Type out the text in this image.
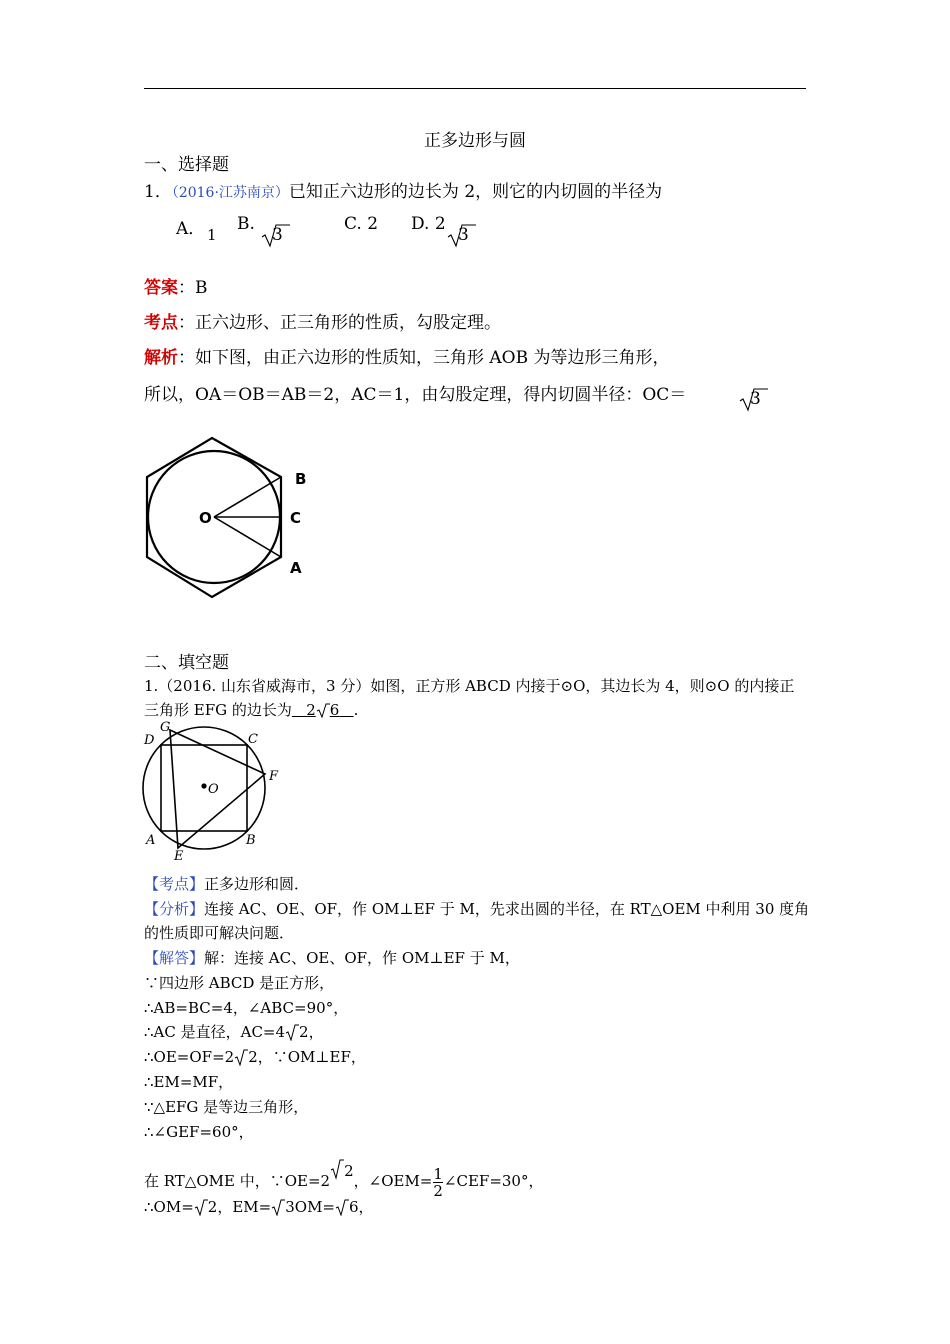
正多边形与圆
一、选择题
1．（2016·江苏南京）已知正六边形的边长为 2，则它的内切圆的半径为
A． 1
B.
3
C. 2 D. 2
3
答案：B
考点：正六边形、正三角形的性质，勾股定理。
解析：如下图，由正六边形的性质知，三角形 AOB 为等边形三角形，
所以，OA＝OB＝AB＝2，AC＝1，由勾股定理，得内切圆半径：OC＝	3
O
B
C
A
二、填空题
1.（2016. 山东省威海市，3 分）如图，正方形 ABCD 内接于⊙O，其边长为 4，则⊙O 的内接正
三角形 EFG 的边长为 2 6 .
O
D
G
C
F
A	B
E
【考点】正多边形和圆．
【分析】连接 AC、OE、OF，作 OM⊥EF 于 M，先求出圆的半径，在 RT△OEM 中利用 30 度角
的性质即可解决问题．
【解答】解：连接 AC、OE、OF，作 OM⊥EF 于 M，
∵四边形 ABCD 是正方形，
∴AB=BC=4，∠ABC=90°，
∴AC 是直径，AC=4 2，
∴OE=OF=2 2，∵OM⊥EF，
∴EM=MF，
∵△EFG 是等边三角形，
∴∠GEF=60°，
在 RT△OME 中，∵OE=22，∠OEM= $\frac{1}{2}$ ∠CEF=30°，
∴OM= 2，EM= 3OM= 6，
